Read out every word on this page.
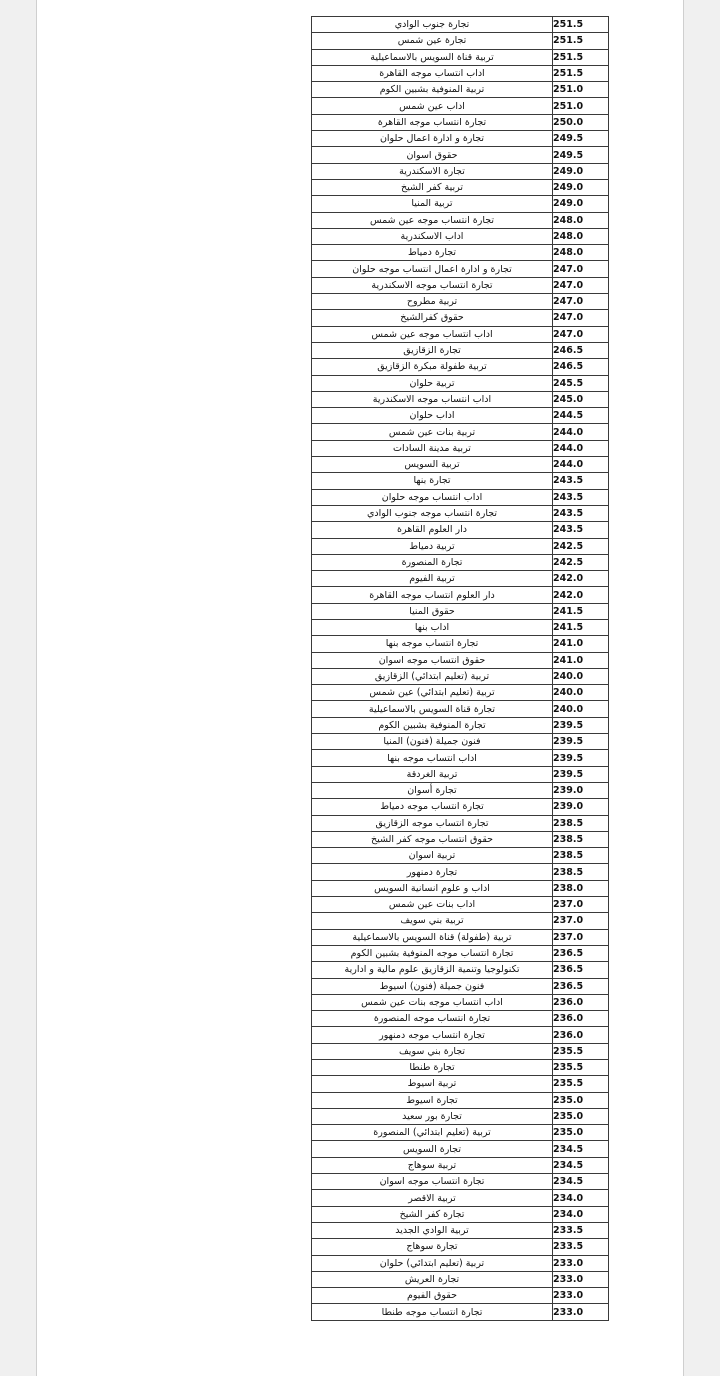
تجارة جنوب الوادي	251.5
تجارة عين شمس	251.5
تربية قناة السويس بالاسماعيلية	251.5
اداب انتساب موجه القاهرة	251.5
تربية المنوفية بشبين الكوم	251.0
اداب عين شمس	251.0
تجارة انتساب موجه القاهرة	250.0
تجارة و ادارة اعمال حلوان	249.5
حقوق اسوان	249.5
تجارة الاسكندرية	249.0
تربية كفر الشيخ	249.0
تربية المنيا	249.0
تجارة انتساب موجه عين شمس	248.0
اداب الاسكندرية	248.0
تجارة دمياط	248.0
تجارة و ادارة اعمال انتساب موجه حلوان	247.0
تجارة انتساب موجه الاسكندرية	247.0
تربية مطروح	247.0
حقوق كفرالشيخ	247.0
اداب انتساب موجه عين شمس	247.0
تجارة الزقازيق	246.5
تربية طفولة مبكرة الزقازيق	246.5
تربية حلوان	245.5
اداب انتساب موجه الاسكندرية	245.0
اداب حلوان	244.5
تربية بنات عين شمس	244.0
تربية مدينة السادات	244.0
تربية السويس	244.0
تجارة بنها	243.5
اداب انتساب موجه حلوان	243.5
تجارة انتساب موجه جنوب الوادي	243.5
دار العلوم القاهرة	243.5
تربية دمياط	242.5
تجارة المنصورة	242.5
تربية الفيوم	242.0
دار العلوم انتساب موجه القاهرة	242.0
حقوق المنيا	241.5
اداب بنها	241.5
تجارة انتساب موجه بنها	241.0
حقوق انتساب موجه اسوان	241.0
تربية (تعليم ابتدائي) الزقازيق	240.0
تربية (تعليم ابتدائي) عين شمس	240.0
تجارة قناة السويس بالاسماعيلية	240.0
تجارة المنوفية بشبين الكوم	239.5
فنون جميلة (فنون) المنيا	239.5
اداب انتساب موجه بنها	239.5
تربية الغردقة	239.5
تجارة أسوان	239.0
تجارة انتساب موجه دمياط	239.0
تجارة انتساب موجه الزقازيق	238.5
حقوق انتساب موجه كفر الشيخ	238.5
تربية اسوان	238.5
تجارة دمنهور	238.5
اداب و علوم انسانية السويس	238.0
اداب بنات عين شمس	237.0
تربية بني سويف	237.0
تربية (طفولة) قناة السويس بالاسماعيلية	237.0
تجارة انتساب موجه المنوفية بشبين الكوم	236.5
تكنولوجيا وتنمية الزقازيق علوم مالية و ادارية	236.5
فنون جميلة (فنون) اسيوط	236.5
اداب انتساب موجه بنات عين شمس	236.0
تجارة انتساب موجه المنصورة	236.0
تجارة انتساب موجه دمنهور	236.0
تجارة بني سويف	235.5
تجارة طنطا	235.5
تربية اسيوط	235.5
تجارة اسيوط	235.0
تجارة بور سعيد	235.0
تربية (تعليم ابتدائي) المنصورة	235.0
تجارة السويس	234.5
تربية سوهاج	234.5
تجارة انتساب موجه اسوان	234.5
تربية الاقصر	234.0
تجارة كفر الشيخ	234.0
تربية الوادي الجديد	233.5
تجارة سوهاج	233.5
تربية (تعليم ابتدائي) حلوان	233.0
تجارة العريش	233.0
حقوق الفيوم	233.0
تجارة انتساب موجه طنطا	233.0
